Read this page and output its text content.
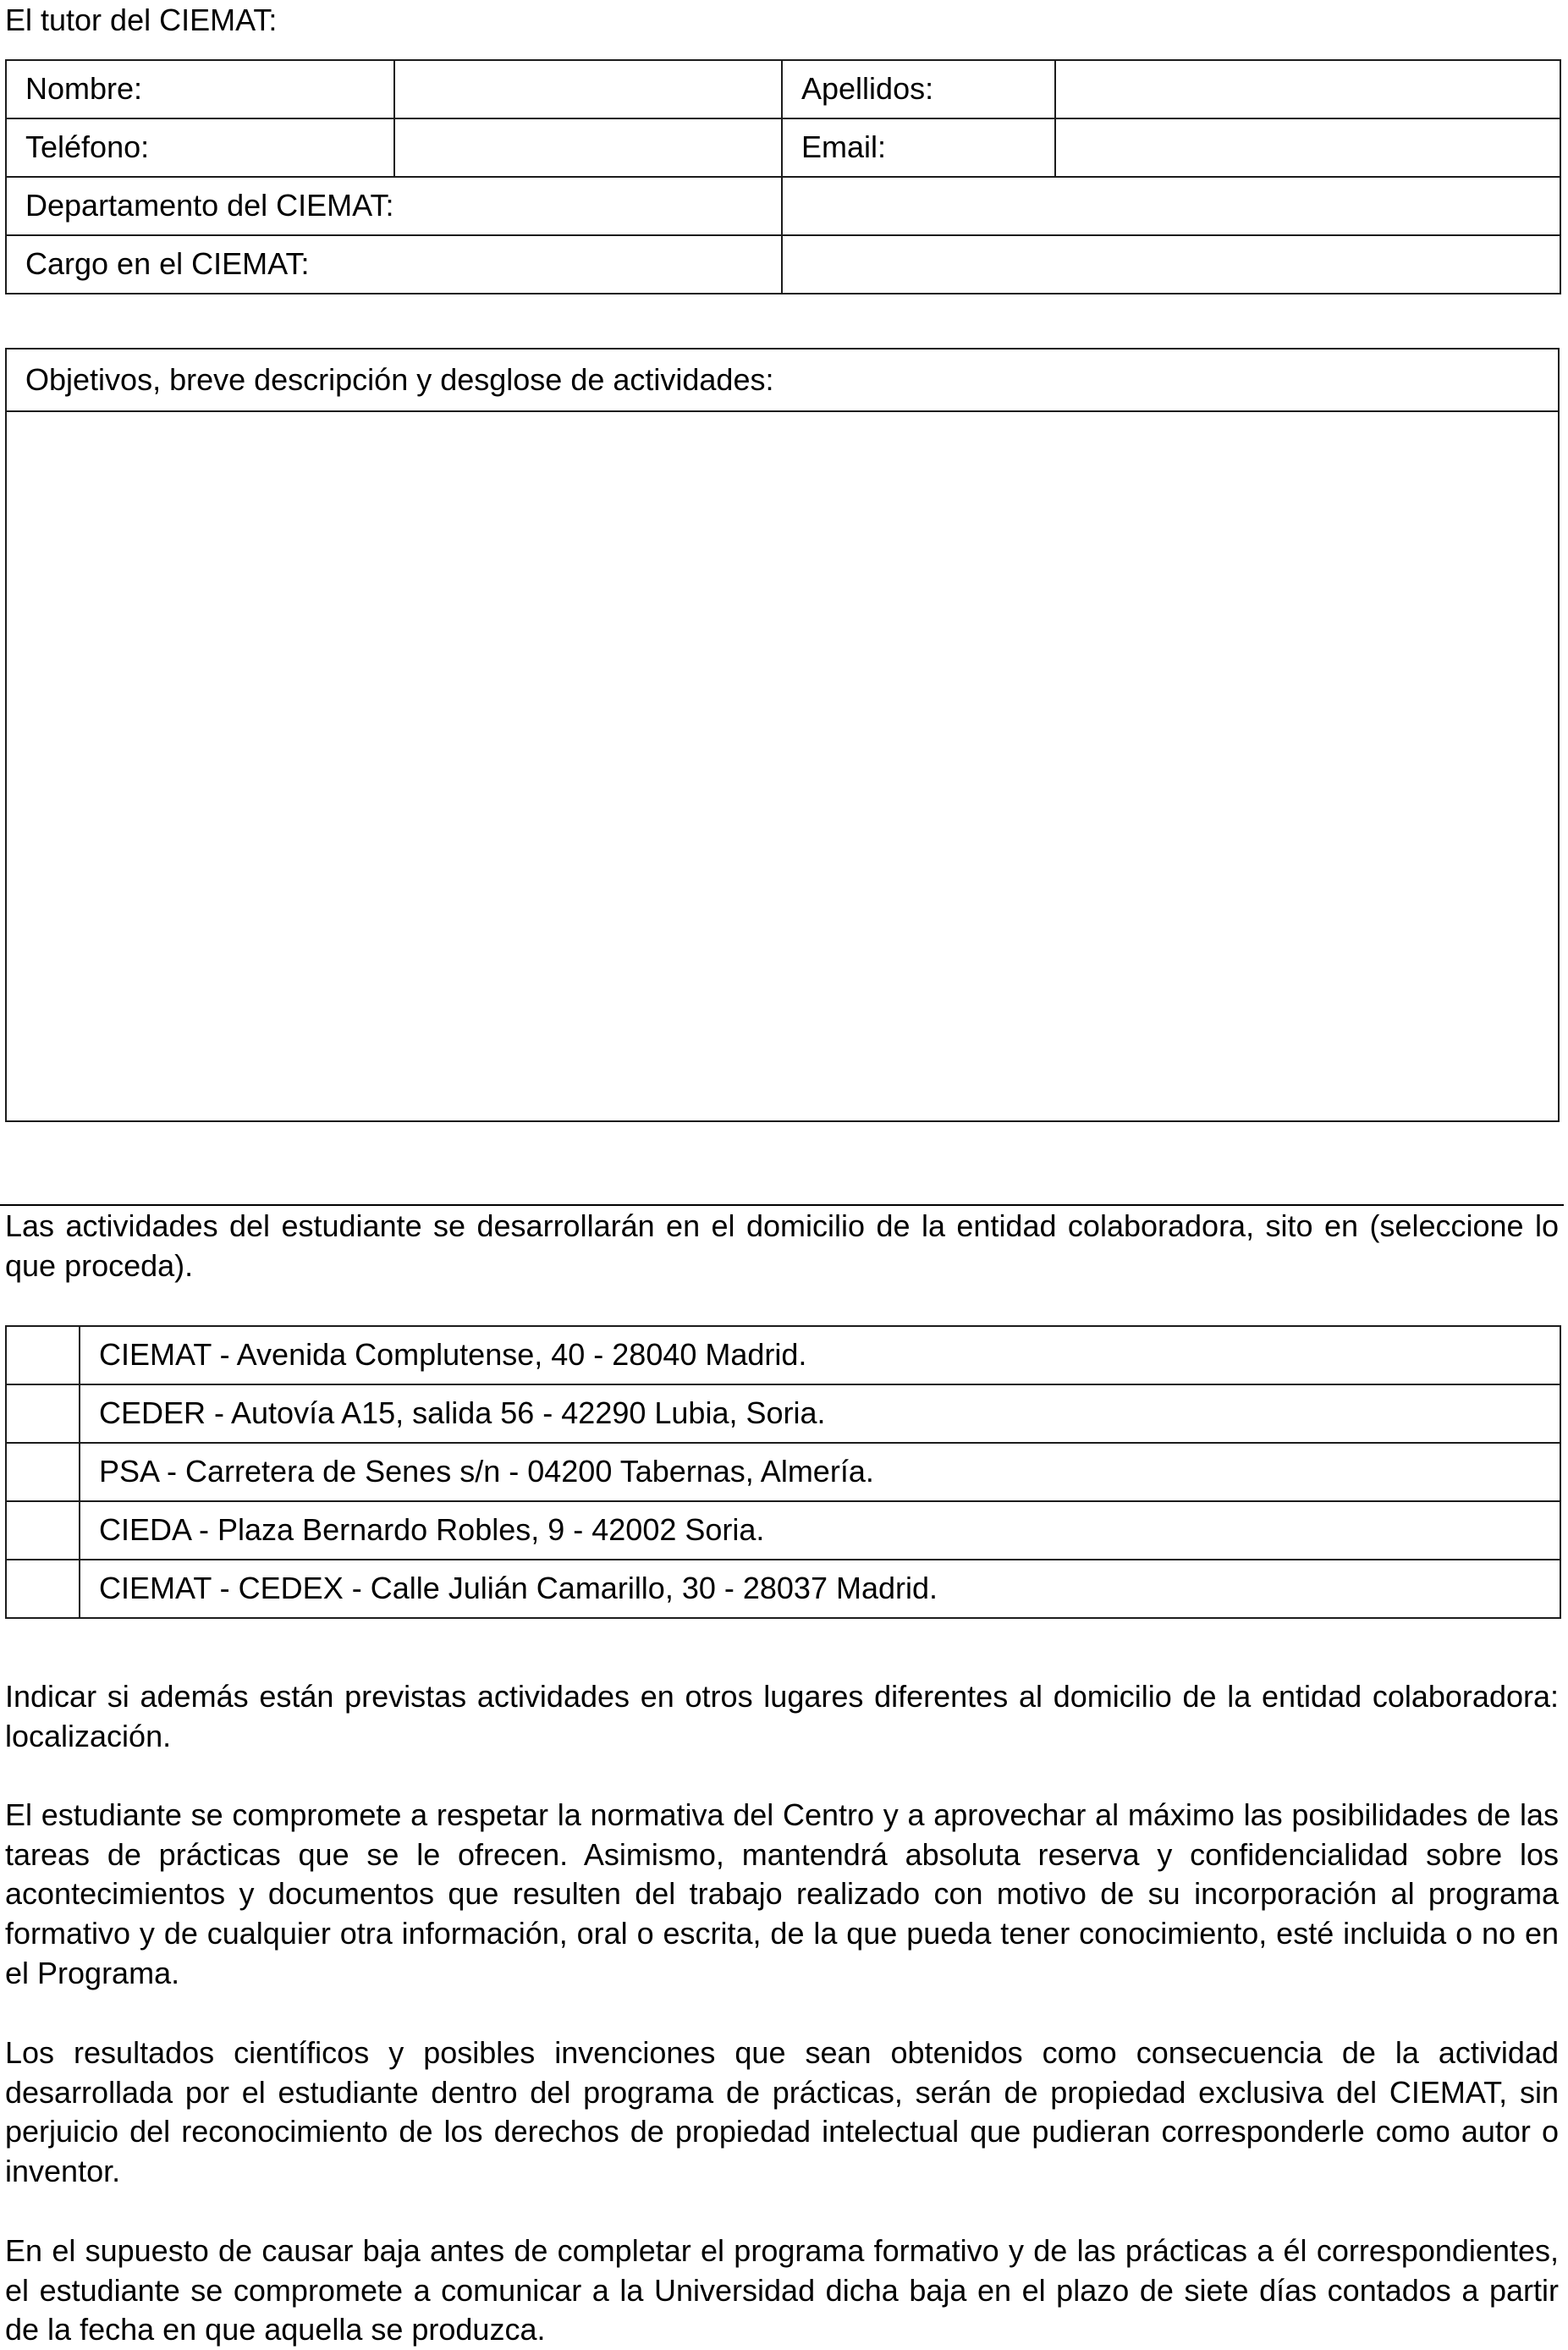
El tutor del CIEMAT:
Nombre:		Apellidos:	
Teléfono:		Email:	
Departamento del CIEMAT:			
Cargo en el CIEMAT:			
Objetivos, breve descripción y desglose de actividades:

Las actividades del estudiante se desarrollarán en el domicilio de la entidad colaboradora, sito en (seleccione lo que proceda).
	CIEMAT - Avenida Complutense, 40 - 28040 Madrid.

	CEDER - Autovía A15, salida 56 - 42290 Lubia, Soria.

	PSA - Carretera de Senes s/n - 04200 Tabernas, Almería.

	CIEDA - Plaza Bernardo Robles, 9 - 42002 Soria.

	CIEMAT - CEDEX - Calle Julián Camarillo, 30 - 28037 Madrid.
Indicar si además están previstas actividades en otros lugares diferentes al domicilio de la entidad colaboradora: localización.
El estudiante se compromete a respetar la normativa del Centro y a aprovechar al máximo las posibilidades de las tareas de prácticas que se le ofrecen. Asimismo, mantendrá absoluta reserva y confidencialidad sobre los acontecimientos y documentos que resulten del trabajo realizado con motivo de su incorporación al programa formativo y de cualquier otra información, oral o escrita, de la que pueda tener conocimiento, esté incluida o no en el Programa.
Los resultados científicos y posibles invenciones que sean obtenidos como consecuencia de la actividad desarrollada por el estudiante dentro del programa de prácticas, serán de propiedad exclusiva del CIEMAT, sin perjuicio del reconocimiento de los derechos de propiedad intelectual que pudieran corresponderle como autor o inventor.
En el supuesto de causar baja antes de completar el programa formativo y de las prácticas a él correspondientes, el estudiante se compromete a comunicar a la Universidad dicha baja en el plazo de siete días contados a partir de la fecha en que aquella se produzca.
